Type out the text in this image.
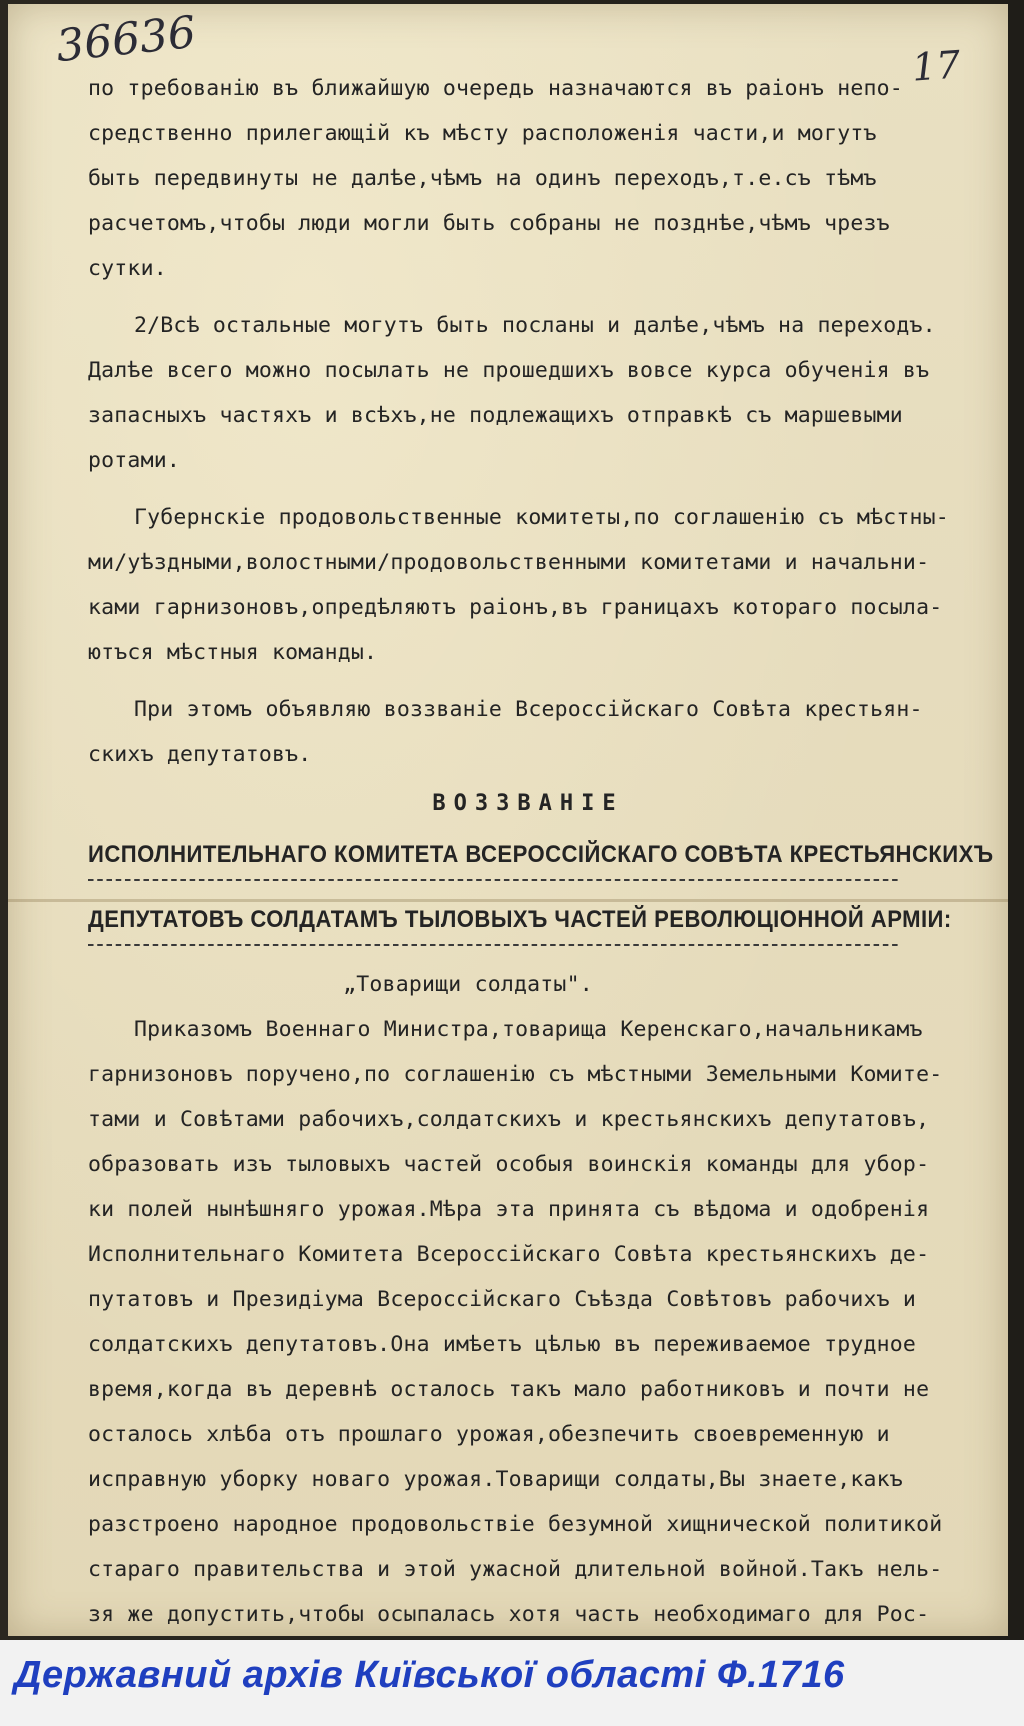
36636	17

по требованію въ ближайшую очередь назначаются въ раіонъ непо-
средственно прилегающій къ мѣсту расположенія части,и могутъ
быть передвинуты не далѣе,чѣмъ на одинъ переходъ,т.е.съ тѣмъ
расчетомъ,чтобы люди могли быть собраны не позднѣе,чѣмъ чрезъ
сутки.

2/Всѣ остальные могутъ быть посланы и далѣе,чѣмъ на переходъ.
Далѣе всего можно посылать не прошедшихъ вовсе курса обученія въ
запасныхъ частяхъ и всѣхъ,не подлежащихъ отправкѣ съ маршевыми
ротами.

Губернскіе продовольственные комитеты,по соглашенію съ мѣстны-
ми/уѣздными,волостными/продовольственными комитетами и начальни-
ками гарнизоновъ,опредѣляютъ раіонъ,въ границахъ котораго посыла-
ютъся мѣстныя команды.

При этомъ объявляю воззваніе Всероссійскаго Совѣта крестьян-
скихъ депутатовъ.

ВОЗЗВАНІЕ
ИСПОЛНИТЕЛЬНАГО КОМИТЕТА ВСЕРОССІЙСКАГО СОВѢТА КРЕСТЬЯНСКИХЪ
ДЕПУТАТОВЪ СОЛДАТАМЪ ТЫЛОВЫХЪ ЧАСТЕЙ РЕВОЛЮЦІОННОЙ АРМІИ:
„Товарищи солдаты".

Приказомъ Военнаго Министра,товарища Керенскаго,начальникамъ
гарнизоновъ поручено,по соглашенію съ мѣстными Земельными Комите-
тами и Совѣтами рабочихъ,солдатскихъ и крестьянскихъ депутатовъ,
образовать изъ тыловыхъ частей особыя воинскія команды для убор-
ки полей нынѣшняго урожая.Мѣра эта принята съ вѣдома и одобренія
Исполнительнаго Комитета Всероссійскаго Совѣта крестьянскихъ де-
путатовъ и Президіума Всероссійскаго Съѣзда Совѣтовъ рабочихъ и
солдатскихъ депутатовъ.Она имѣетъ цѣлью въ переживаемое трудное
время,когда въ деревнѣ осталось такъ мало работниковъ и почти не
осталось хлѣба отъ прошлаго урожая,обезпечить своевременную и
исправную уборку новаго урожая.Товарищи солдаты,Вы знаете,какъ
разстроено народное продовольствіе безумной хищнической политикой
стараго правительства и этой ужасной длительной войной.Такъ нель-
зя же допустить,чтобы осыпалась хотя часть необходимаго для Рос-

Державний архів Київської області Ф.1716
